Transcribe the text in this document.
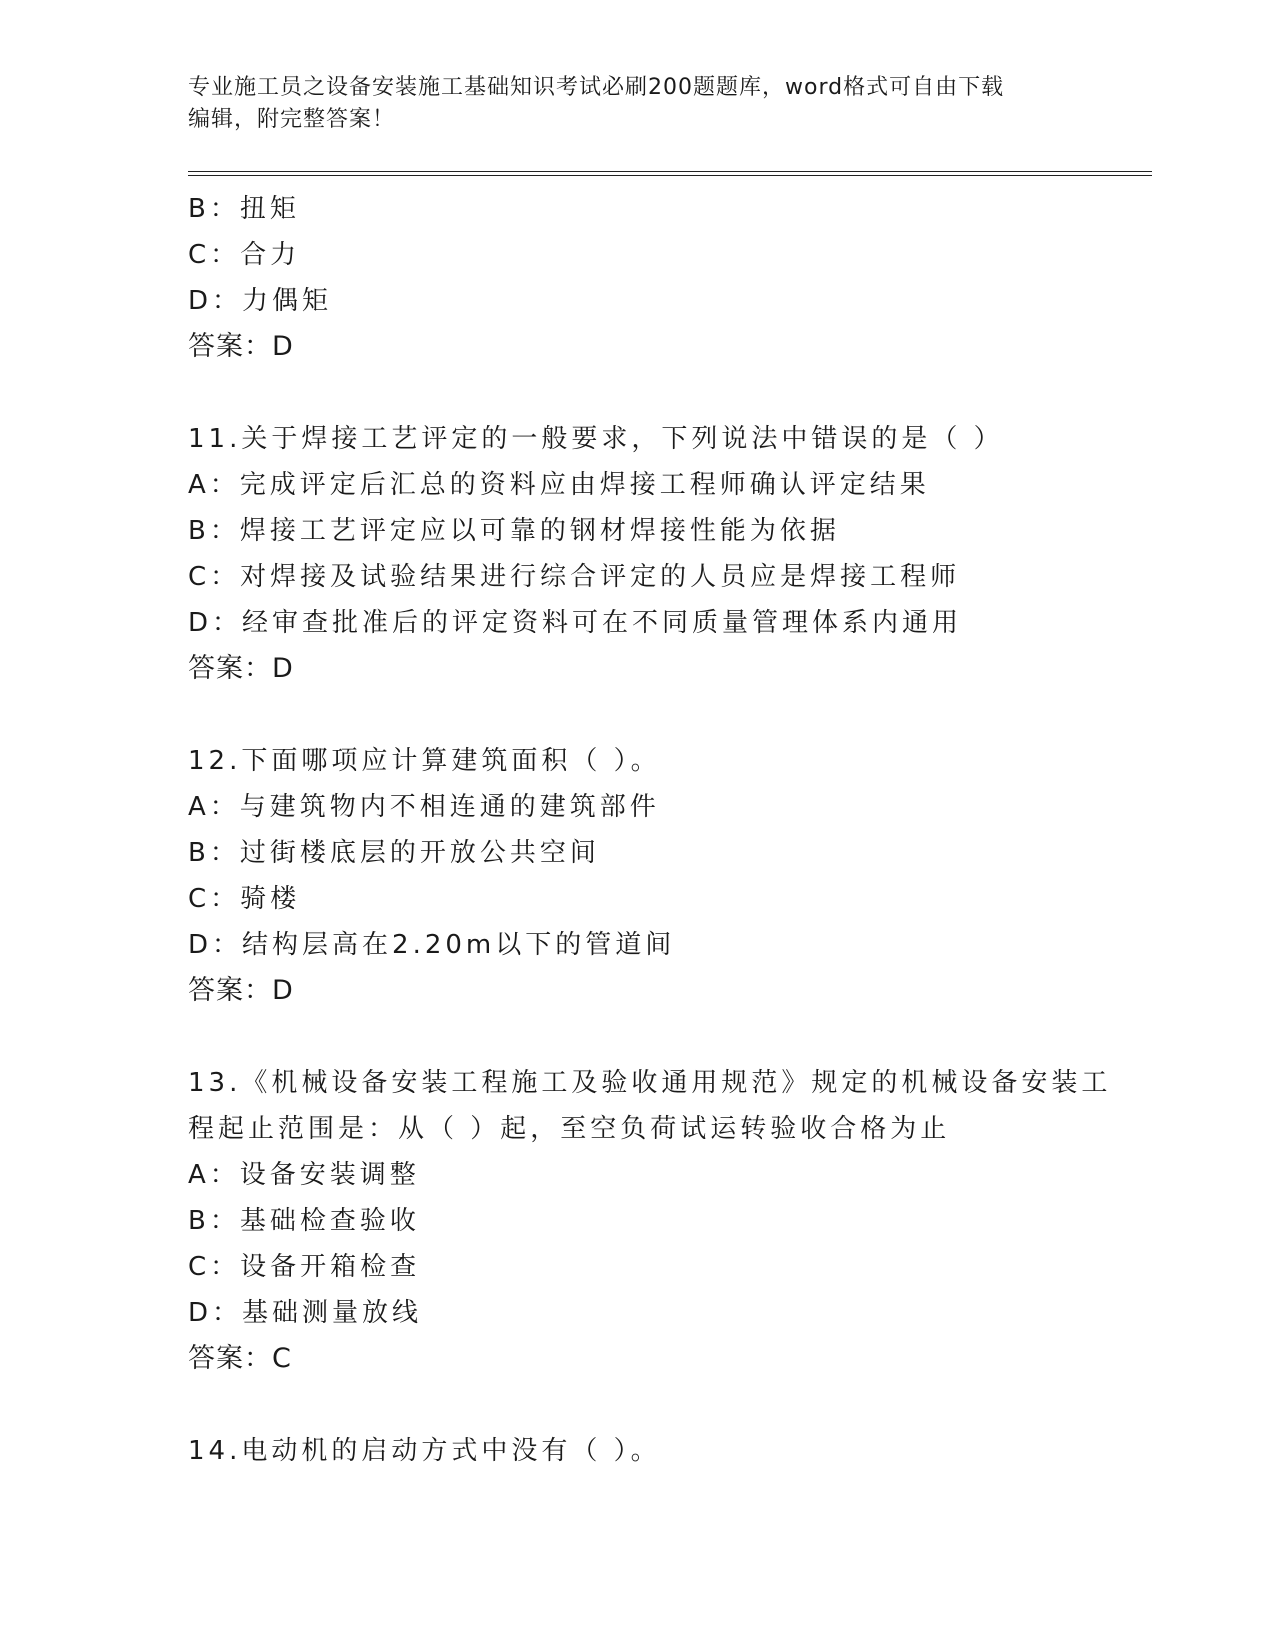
专业施工员之设备安装施工基础知识考试必刷200题题库，word格式可自由下载
编辑，附完整答案！
B：扭矩
C：合力
D：力偶矩
答案：D
11.关于焊接工艺评定的一般要求，下列说法中错误的是（ ）
A：完成评定后汇总的资料应由焊接工程师确认评定结果
B：焊接工艺评定应以可靠的钢材焊接性能为依据
C：对焊接及试验结果进行综合评定的人员应是焊接工程师
D：经审查批准后的评定资料可在不同质量管理体系内通用
答案：D
12.下面哪项应计算建筑面积（ ）。
A：与建筑物内不相连通的建筑部件
B：过街楼底层的开放公共空间
C：骑楼
D：结构层高在2.20m以下的管道间
答案：D
13.《机械设备安装工程施工及验收通用规范》规定的机械设备安装工
程起止范围是：从（ ）起，至空负荷试运转验收合格为止
A：设备安装调整
B：基础检查验收
C：设备开箱检查
D：基础测量放线
答案：C
14.电动机的启动方式中没有（ ）。
